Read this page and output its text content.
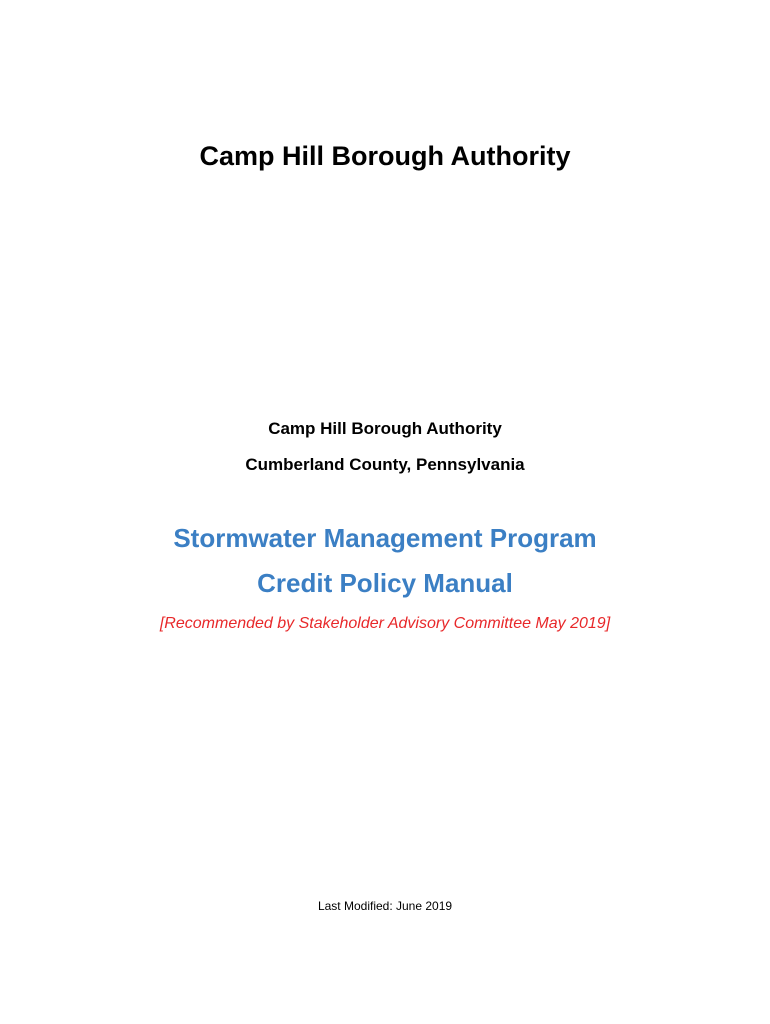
Camp Hill Borough Authority

Camp Hill Borough Authority

Cumberland County, Pennsylvania

Stormwater Management Program
Credit Policy Manual

[Recommended by Stakeholder Advisory Committee May 2019]

Last Modified: June 2019
